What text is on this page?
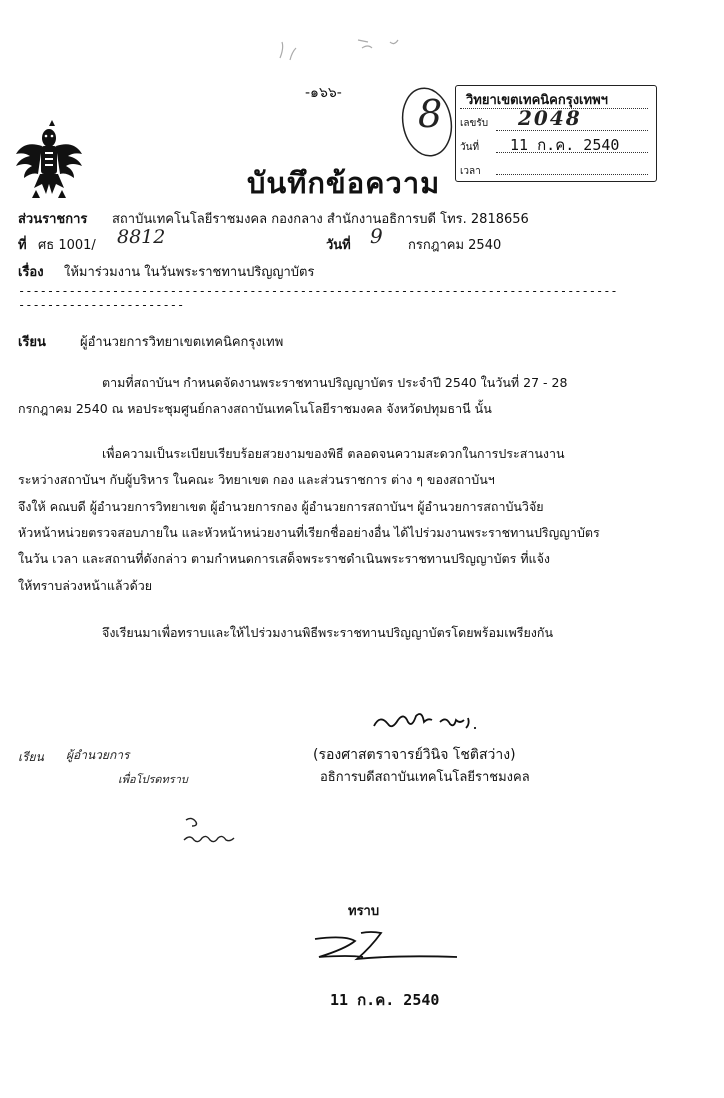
-๑๖๖- 8 วิทยาเขตเทคนิคกรุงเทพฯ
เลขรับ 2048
วันที่ 11 ก.ค. 2540
เวลา
บันทึกข้อความ
ส่วนราชการ สถาบันเทคโนโลยีราชมงคล กองกลาง สำนักงานอธิการบดี โทร. 2818656
ที่ ศธ 1001/ 8812	วันที่ 9 กรกฎาคม 2540
เรื่อง ให้มาร่วมงาน ในวันพระราชทานปริญญาบัตร
----------------------------------------------------------------------------------------------------------
เรียน	ผู้อำนวยการวิทยาเขตเทคนิคกรุงเทพ
ตามที่สถาบันฯ กำหนดจัดงานพระราชทานปริญญาบัตร ประจำปี 2540 ในวันที่ 27 - 28
กรกฎาคม 2540 ณ หอประชุมศูนย์กลางสถาบันเทคโนโลยีราชมงคล จังหวัดปทุมธานี นั้น
เพื่อความเป็นระเบียบเรียบร้อยสวยงามของพิธี ตลอดจนความสะดวกในการประสานงาน
ระหว่างสถาบันฯ กับผู้บริหาร ในคณะ วิทยาเขต กอง และส่วนราชการ ต่าง ๆ ของสถาบันฯ
จึงให้ คณบดี ผู้อำนวยการวิทยาเขต ผู้อำนวยการกอง ผู้อำนวยการสถาบันฯ ผู้อำนวยการสถาบันวิจัย
หัวหน้าหน่วยตรวจสอบภายใน และหัวหน้าหน่วยงานที่เรียกชื่ออย่างอื่น ได้ไปร่วมงานพระราชทานปริญญาบัตร
ในวัน เวลา และสถานที่ดังกล่าว ตามกำหนดการเสด็จพระราชดำเนินพระราชทานปริญญาบัตร ที่แจ้ง
ให้ทราบล่วงหน้าแล้วด้วย
จึงเรียนมาเพื่อทราบและให้ไปร่วมงานพิธีพระราชทานปริญญาบัตรโดยพร้อมเพรียงกัน
(รองศาสตราจารย์วินิจ โชติสว่าง)
อธิการบดีสถาบันเทคโนโลยีราชมงคล
เรียน ผู้อำนวยการ
เพื่อโปรดทราบ
ทราบ
11 ก.ค. 2540
